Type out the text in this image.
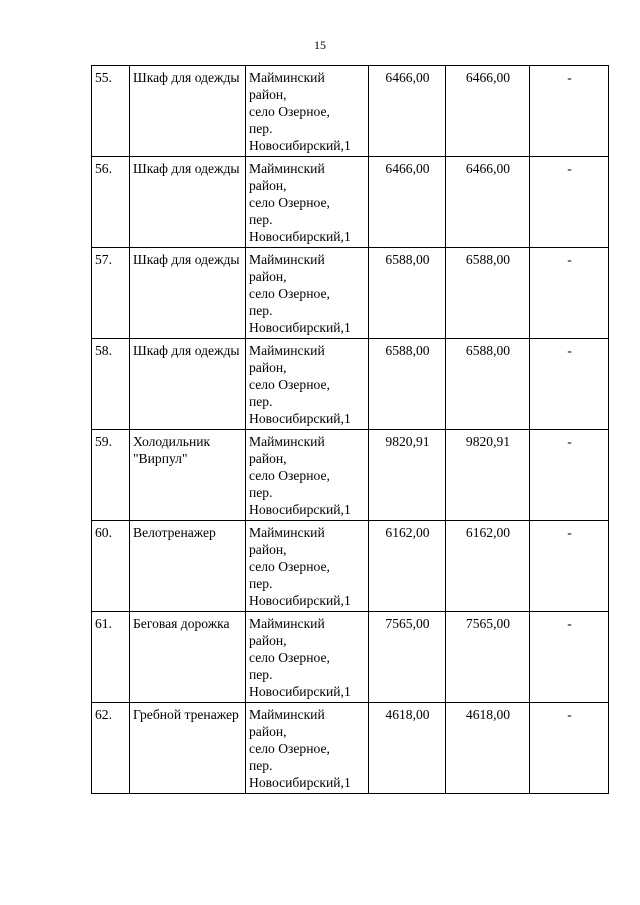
15
55.	Шкаф для одежды	Майминский
район,
село Озерное,
пер.
Новосибирский,1	6466,00	6466,00	-
56.	Шкаф для одежды	Майминский
район,
село Озерное,
пер.
Новосибирский,1	6466,00	6466,00	-
57.	Шкаф для одежды	Майминский
район,
село Озерное,
пер.
Новосибирский,1	6588,00	6588,00	-
58.	Шкаф для одежды	Майминский
район,
село Озерное,
пер.
Новосибирский,1	6588,00	6588,00	-
59.	Холодильник "Вирпул"	Майминский
район,
село Озерное,
пер.
Новосибирский,1	9820,91	9820,91	-
60.	Велотренажер	Майминский
район,
село Озерное,
пер.
Новосибирский,1	6162,00	6162,00	-
61.	Беговая дорожка	Майминский
район,
село Озерное,
пер.
Новосибирский,1	7565,00	7565,00	-
62.	Гребной тренажер	Майминский
район,
село Озерное,
пер.
Новосибирский,1	4618,00	4618,00	-
